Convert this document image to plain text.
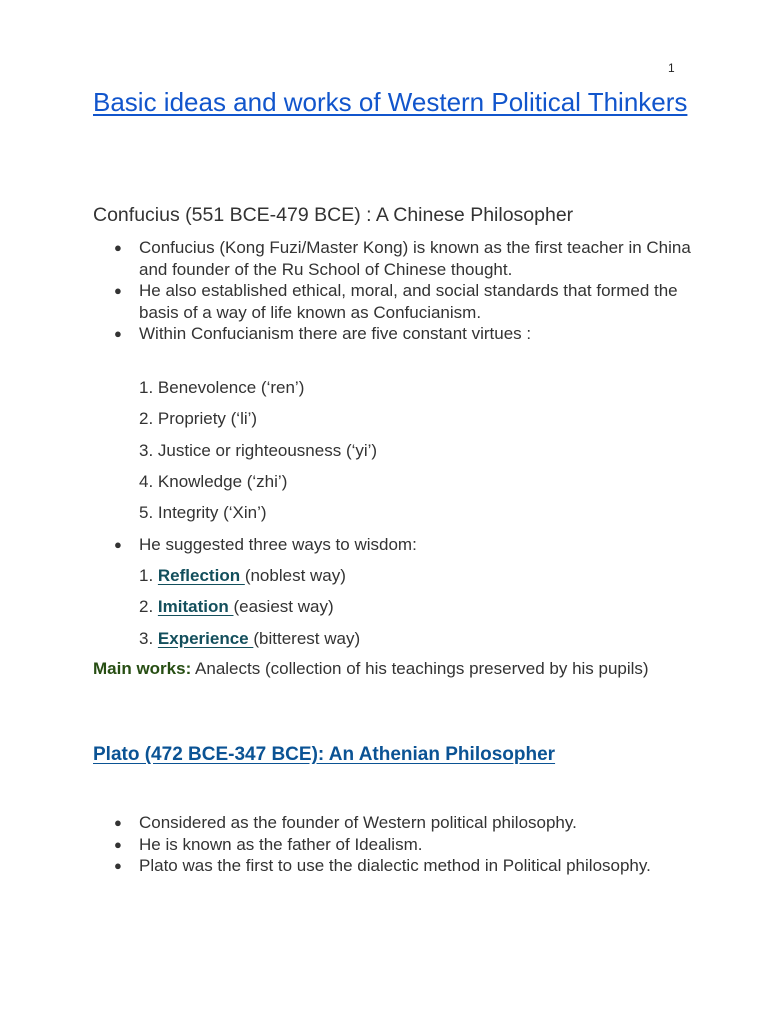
1
Basic ideas and works of Western Political Thinkers
Confucius (551 BCE-479 BCE) : A Chinese Philosopher
● Confucius (Kong Fuzi/Master Kong) is known as the first teacher in China and founder of the Ru School of Chinese thought.
● He also established ethical, moral, and social standards that formed the basis of a way of life known as Confucianism.
● Within Confucianism there are five constant virtues :
1. Benevolence (‘ren’)
2. Propriety (‘li’)
3. Justice or righteousness (‘yi’)
4. Knowledge (‘zhi’)
5. Integrity (‘Xin’)
● He suggested three ways to wisdom:
1. Reflection (noblest way)
2. Imitation (easiest way)
3. Experience (bitterest way)

Main works: Analects (collection of his teachings preserved by his pupils)

Plato (472 BCE-347 BCE): An Athenian Philosopher
● Considered as the founder of Western political philosophy.
● He is known as the father of Idealism.
● Plato was the first to use the dialectic method in Political philosophy.
